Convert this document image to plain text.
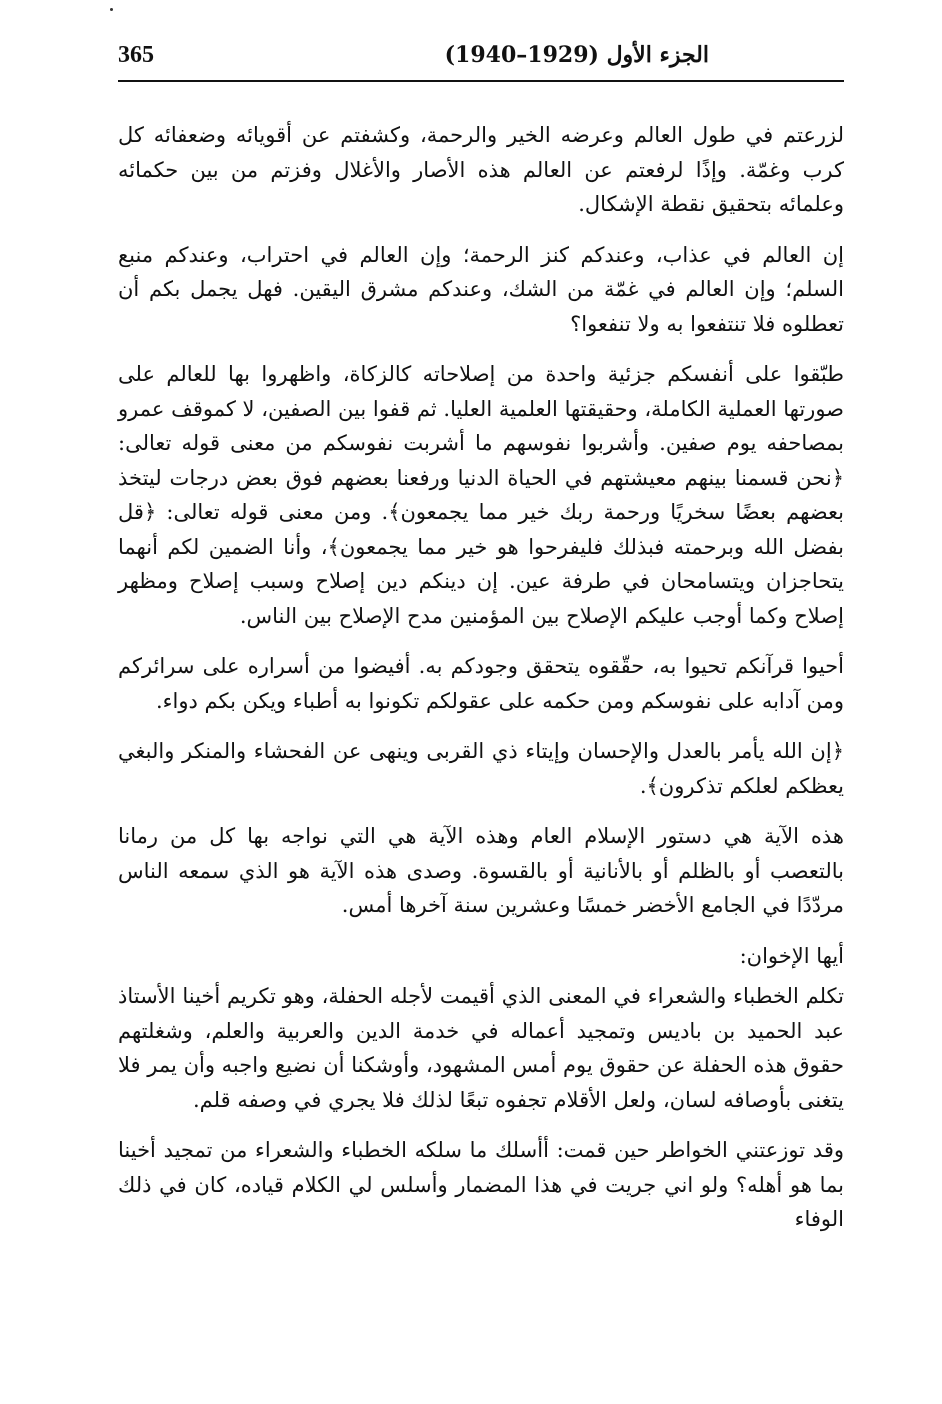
365	الجزء الأول (1929–1940)

لزرعتم في طول العالم وعرضه الخير والرحمة، وكشفتم عن أقويائه وضعفائه كل كرب وغمّة. وإذًا لرفعتم عن العالم هذه الأصار والأغلال وفزتم من بين حكمائه وعلمائه بتحقيق نقطة الإشكال.

إن العالم في عذاب، وعندكم كنز الرحمة؛ وإن العالم في احتراب، وعندكم منبع السلم؛ وإن العالم في غمّة من الشك، وعندكم مشرق اليقين. فهل يجمل بكم أن تعطلوه فلا تنتفعوا به ولا تنفعوا؟

طبّقوا على أنفسكم جزئية واحدة من إصلاحاته كالزكاة، واظهروا بها للعالم على صورتها العملية الكاملة، وحقيقتها العلمية العليا. ثم قفوا بين الصفين، لا كموقف عمرو بمصاحفه يوم صفين. وأشربوا نفوسهم ما أشربت نفوسكم من معنى قوله تعالى: ﴿نحن قسمنا بينهم معيشتهم في الحياة الدنيا ورفعنا بعضهم فوق بعض درجات ليتخذ بعضهم بعضًا سخريًا ورحمة ربك خير مما يجمعون﴾. ومن معنى قوله تعالى: ﴿قل بفضل الله وبرحمته فبذلك فليفرحوا هو خير مما يجمعون﴾، وأنا الضمين لكم أنهما يتحاجزان ويتسامحان في طرفة عين. إن دينكم دين إصلاح وسبب إصلاح ومظهر إصلاح وكما أوجب عليكم الإصلاح بين المؤمنين مدح الإصلاح بين الناس.

أحيوا قرآنكم تحيوا به، حقّقوه يتحقق وجودكم به. أفيضوا من أسراره على سرائركم ومن آدابه على نفوسكم ومن حكمه على عقولكم تكونوا به أطباء ويكن بكم دواء.

﴿إن الله يأمر بالعدل والإحسان وإيتاء ذي القربى وينهى عن الفحشاء والمنكر والبغي يعظكم لعلكم تذكرون﴾.

هذه الآية هي دستور الإسلام العام وهذه الآية هي التي نواجه بها كل من رمانا بالتعصب أو بالظلم أو بالأنانية أو بالقسوة. وصدى هذه الآية هو الذي سمعه الناس مردّدًا في الجامع الأخضر خمسًا وعشرين سنة آخرها أمس.

أيها الإخوان:

تكلم الخطباء والشعراء في المعنى الذي أقيمت لأجله الحفلة، وهو تكريم أخينا الأستاذ عبد الحميد بن باديس وتمجيد أعماله في خدمة الدين والعربية والعلم، وشغلتهم حقوق هذه الحفلة عن حقوق يوم أمس المشهود، وأوشكنا أن نضيع واجبه وأن يمر فلا يتغنى بأوصافه لسان، ولعل الأقلام تجفوه تبعًا لذلك فلا يجري في وصفه قلم.

وقد توزعتني الخواطر حين قمت: أأسلك ما سلكه الخطباء والشعراء من تمجيد أخينا بما هو أهله؟ ولو اني جريت في هذا المضمار وأسلس لي الكلام قياده، كان في ذلك الوفاء
